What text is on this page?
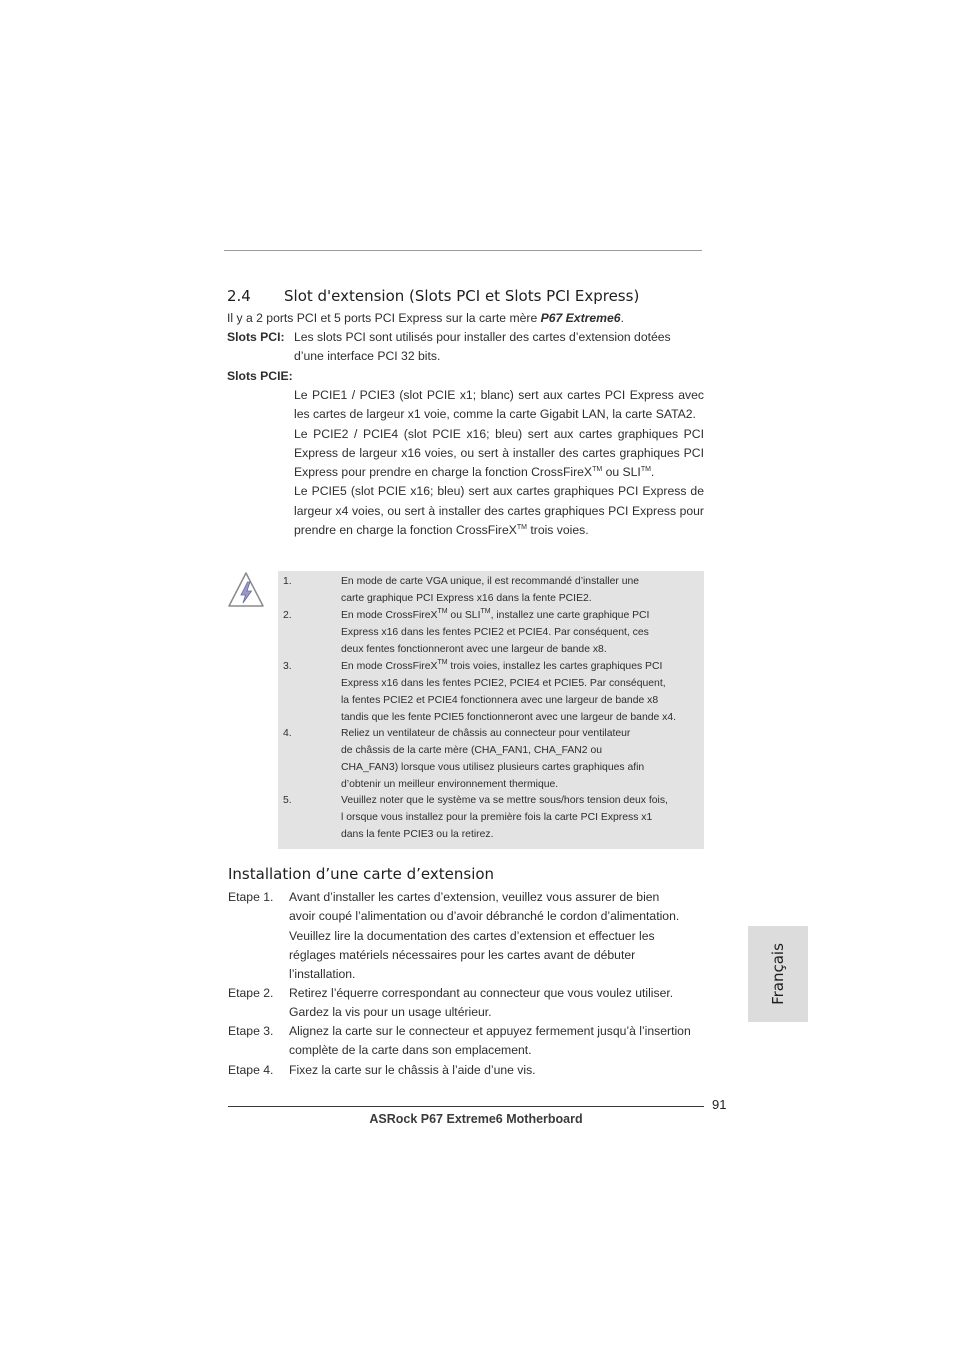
2.4 Slot d'extension (Slots PCI et Slots PCI Express)
Il y a 2 ports PCI et 5 ports PCI Express sur la carte mère P67 Extreme6.
Slots PCI: Les slots PCI sont utilisés pour installer des cartes d’extension dotées
d’une interface PCI 32 bits.
Slots PCIE:

Le PCIE1 / PCIE3 (slot PCIE x1; blanc) sert aux cartes PCI Express avec les cartes de largeur x1 voie, comme la carte Gigabit LAN, la carte SATA2.

Le PCIE2 / PCIE4 (slot PCIE x16; bleu) sert aux cartes graphiques PCI Express de largeur x16 voies, ou sert à installer des cartes graphiques PCI Express pour prendre en charge la fonction CrossFireX™ ou SLI™.

Le PCIE5 (slot PCIE x16; bleu) sert aux cartes graphiques PCI Express de largeur x4 voies, ou sert à installer des cartes graphiques PCI Express pour prendre en charge la fonction CrossFireX™ trois voies.

1.	En mode de carte VGA unique, il est recommandé d’installer une
carte graphique PCI Express x16 dans la fente PCIE2.
2.	En mode CrossFireX™ ou SLI™, installez une carte graphique PCI
Express x16 dans les fentes PCIE2 et PCIE4. Par conséquent, ces
deux fentes fonctionneront avec une largeur de bande x8.
3.	En mode CrossFireX™ trois voies, installez les cartes graphiques PCI
Express x16 dans les fentes PCIE2, PCIE4 et PCIE5. Par conséquent,
la fentes PCIE2 et PCIE4 fonctionnera avec une largeur de bande x8
tandis que les fente PCIE5 fonctionneront avec une largeur de bande x4.
4.	Reliez un ventilateur de châssis au connecteur pour ventilateur
de châssis de la carte mère (CHA_FAN1, CHA_FAN2 ou
CHA_FAN3) lorsque vous utilisez plusieurs cartes graphiques afin
d’obtenir un meilleur environnement thermique.
5.	Veuillez noter que le système va se mettre sous/hors tension deux fois,
l orsque vous installez pour la première fois la carte PCI Express x1
dans la fente PCIE3 ou la retirez.
Installation d’une carte d’extension
Etape 1. Avant d’installer les cartes d’extension, veuillez vous assurer de bien
avoir coupé l’alimentation ou d’avoir débranché le cordon d’alimentation.
Veuillez lire la documentation des cartes d’extension et effectuer les
réglages matériels nécessaires pour les cartes avant de débuter
l’installation.
Etape 2. Retirez l’équerre correspondant au connecteur que vous voulez utiliser.
Gardez la vis pour un usage ultérieur.
Etape 3. Alignez la carte sur le connecteur et appuyez fermement jusqu’à l’insertion
complète de la carte dans son emplacement.
Etape 4. Fixez la carte sur le châssis à l’aide d’une vis.
Français
91
ASRock P67 Extreme6 Motherboard
